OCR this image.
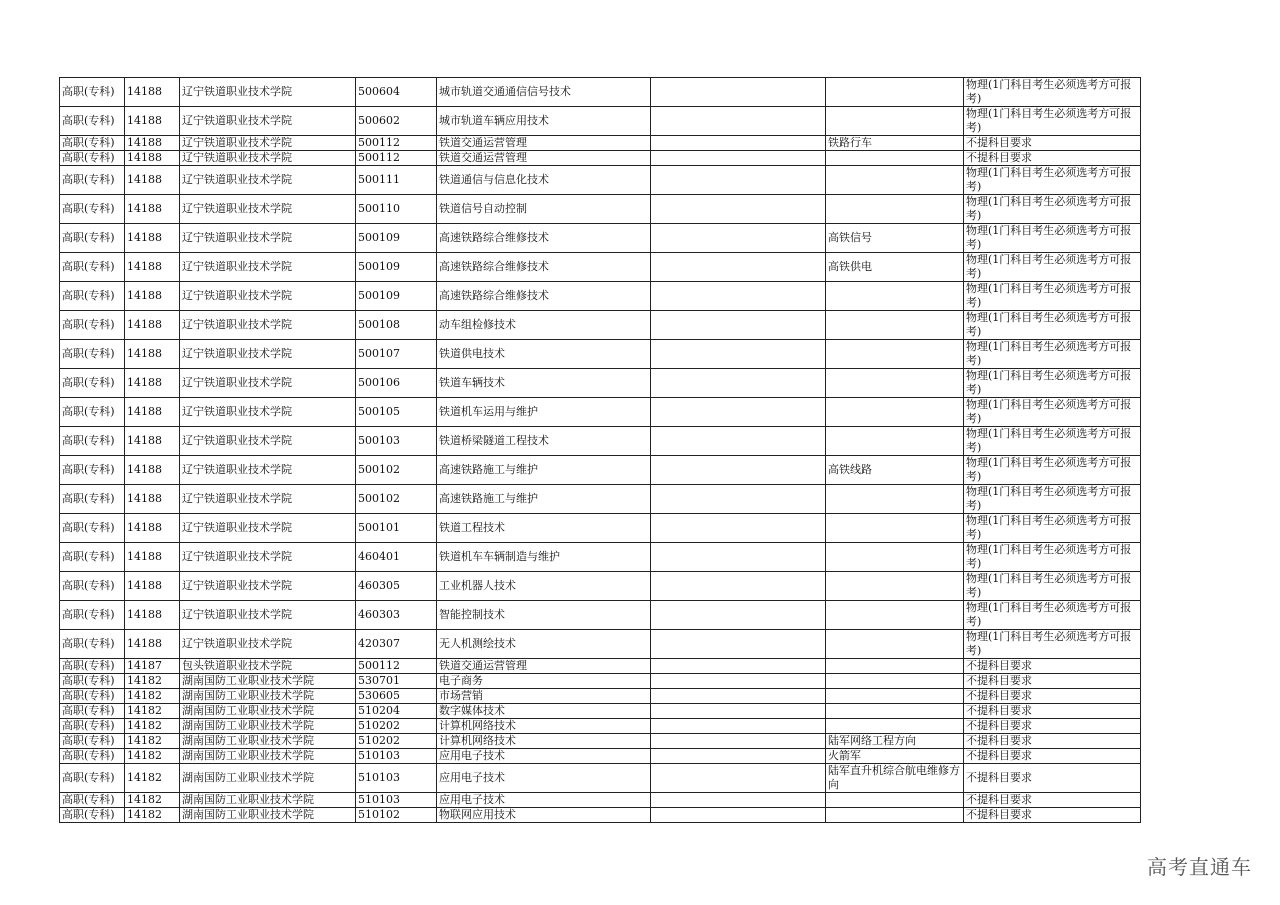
高职(专科)	14188	辽宁铁道职业技术学院	500604	城市轨道交通通信信号技术			物理(1门科目考生必须选考方可报考)
高职(专科)	14188	辽宁铁道职业技术学院	500602	城市轨道车辆应用技术			物理(1门科目考生必须选考方可报考)
高职(专科)	14188	辽宁铁道职业技术学院	500112	铁道交通运营管理		铁路行车	不提科目要求
高职(专科)	14188	辽宁铁道职业技术学院	500112	铁道交通运营管理			不提科目要求
高职(专科)	14188	辽宁铁道职业技术学院	500111	铁道通信与信息化技术			物理(1门科目考生必须选考方可报考)
高职(专科)	14188	辽宁铁道职业技术学院	500110	铁道信号自动控制			物理(1门科目考生必须选考方可报考)
高职(专科)	14188	辽宁铁道职业技术学院	500109	高速铁路综合维修技术		高铁信号	物理(1门科目考生必须选考方可报考)
高职(专科)	14188	辽宁铁道职业技术学院	500109	高速铁路综合维修技术		高铁供电	物理(1门科目考生必须选考方可报考)
高职(专科)	14188	辽宁铁道职业技术学院	500109	高速铁路综合维修技术			物理(1门科目考生必须选考方可报考)
高职(专科)	14188	辽宁铁道职业技术学院	500108	动车组检修技术			物理(1门科目考生必须选考方可报考)
高职(专科)	14188	辽宁铁道职业技术学院	500107	铁道供电技术			物理(1门科目考生必须选考方可报考)
高职(专科)	14188	辽宁铁道职业技术学院	500106	铁道车辆技术			物理(1门科目考生必须选考方可报考)
高职(专科)	14188	辽宁铁道职业技术学院	500105	铁道机车运用与维护			物理(1门科目考生必须选考方可报考)
高职(专科)	14188	辽宁铁道职业技术学院	500103	铁道桥梁隧道工程技术			物理(1门科目考生必须选考方可报考)
高职(专科)	14188	辽宁铁道职业技术学院	500102	高速铁路施工与维护		高铁线路	物理(1门科目考生必须选考方可报考)
高职(专科)	14188	辽宁铁道职业技术学院	500102	高速铁路施工与维护			物理(1门科目考生必须选考方可报考)
高职(专科)	14188	辽宁铁道职业技术学院	500101	铁道工程技术			物理(1门科目考生必须选考方可报考)
高职(专科)	14188	辽宁铁道职业技术学院	460401	铁道机车车辆制造与维护			物理(1门科目考生必须选考方可报考)
高职(专科)	14188	辽宁铁道职业技术学院	460305	工业机器人技术			物理(1门科目考生必须选考方可报考)
高职(专科)	14188	辽宁铁道职业技术学院	460303	智能控制技术			物理(1门科目考生必须选考方可报考)
高职(专科)	14188	辽宁铁道职业技术学院	420307	无人机测绘技术			物理(1门科目考生必须选考方可报考)
高职(专科)	14187	包头铁道职业技术学院	500112	铁道交通运营管理			不提科目要求
高职(专科)	14182	湖南国防工业职业技术学院	530701	电子商务			不提科目要求
高职(专科)	14182	湖南国防工业职业技术学院	530605	市场营销			不提科目要求
高职(专科)	14182	湖南国防工业职业技术学院	510204	数字媒体技术			不提科目要求
高职(专科)	14182	湖南国防工业职业技术学院	510202	计算机网络技术			不提科目要求
高职(专科)	14182	湖南国防工业职业技术学院	510202	计算机网络技术		陆军网络工程方向	不提科目要求
高职(专科)	14182	湖南国防工业职业技术学院	510103	应用电子技术		火箭军	不提科目要求
高职(专科)	14182	湖南国防工业职业技术学院	510103	应用电子技术		陆军直升机综合航电维修方向	不提科目要求
高职(专科)	14182	湖南国防工业职业技术学院	510103	应用电子技术			不提科目要求
高职(专科)	14182	湖南国防工业职业技术学院	510102	物联网应用技术			不提科目要求
高考直通车
